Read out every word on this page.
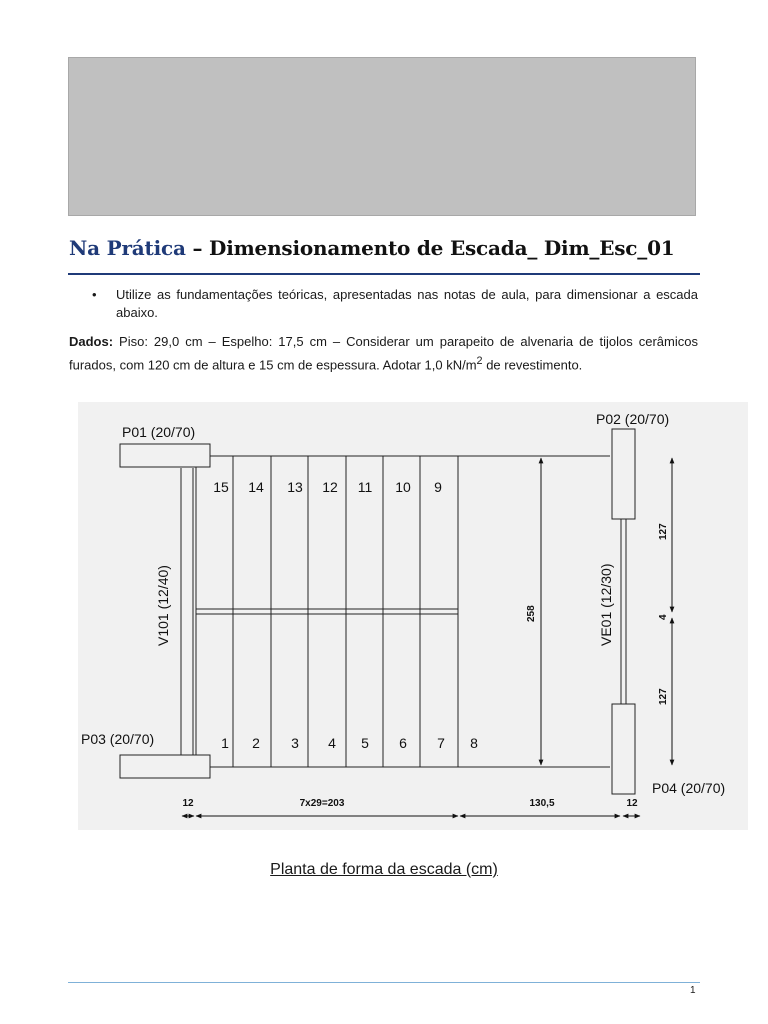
Na Prática – Dimensionamento de Escada_ Dim_Esc_01
• Utilize as fundamentações teóricas, apresentadas nas notas de aula, para dimensionar a escada abaixo.

Dados: Piso: 29,0 cm – Espelho: 17,5 cm – Considerar um parapeito de alvenaria de tijolos cerâmicos furados, com 120 cm de altura e 15 cm de espessura. Adotar 1,0 $kN/m^2$ de revestimento.

P01 (20/70)
P02 (20/70)
P03 (20/70)
P04 (20/70)
V101 (12/40)	VE01 (12/30)
15 14 13 12 11 10 9
1 2 3 4 5 6 7 8
258
127
4
127
12	7x29=203	130,5	12
Planta de forma da escada (cm)
1
